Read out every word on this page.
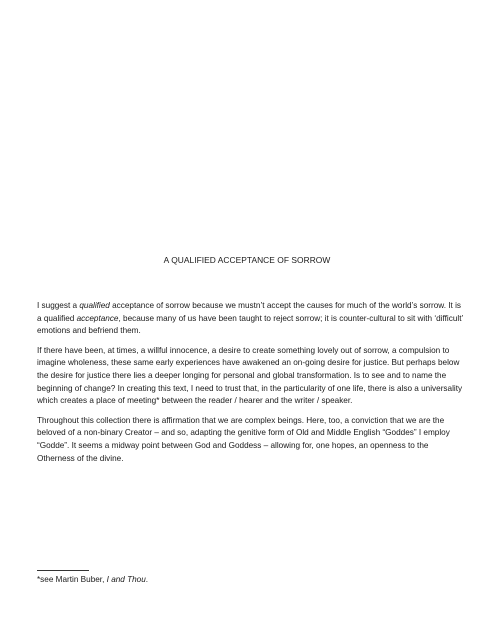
A QUALIFIED ACCEPTANCE OF SORROW

I suggest a qualified acceptance of sorrow because we mustn’t accept the causes for much of the world’s sorrow. It is a qualified acceptance, because many of us have been taught to reject sorrow; it is counter-cultural to sit with ‘difficult’ emotions and befriend them.

If there have been, at times, a willful innocence, a desire to create something lovely out of sorrow, a compulsion to imagine wholeness, these same early experiences have awakened an on-going desire for justice. But perhaps below the desire for justice there lies a deeper longing for personal and global transformation. Is to see and to name the beginning of change? In creating this text, I need to trust that, in the particularity of one life, there is also a universality which creates a place of meeting* between the reader / hearer and the writer / speaker.

Throughout this collection there is affirmation that we are complex beings. Here, too, a conviction that we are the beloved of a non-binary Creator – and so, adapting the genitive form of Old and Middle English “Goddes” I employ “Godde”. It seems a midway point between God and Goddess – allowing for, one hopes, an openness to the Otherness of the divine.

*see Martin Buber, I and Thou.
